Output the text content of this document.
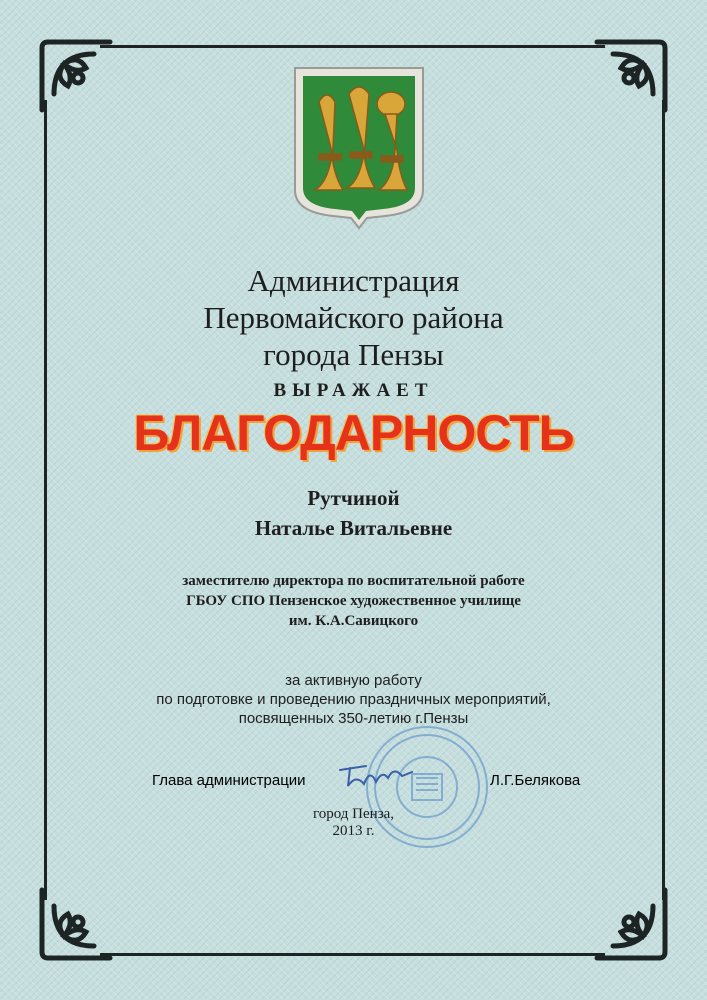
Администрация
Первомайского района
города Пензы
ВЫРАЖАЕТ
БЛАГОДАРНОСТЬ
Рутчиной
Наталье Витальевне
заместителю директора по воспитательной работе
ГБОУ СПО Пензенское художественное училище
им. К.А.Савицкого
за активную работу
по подготовке и проведению праздничных мероприятий,
посвященных 350-летию г.Пензы
Глава администрации	Л.Г.Белякова
город Пенза,
2013 г.
